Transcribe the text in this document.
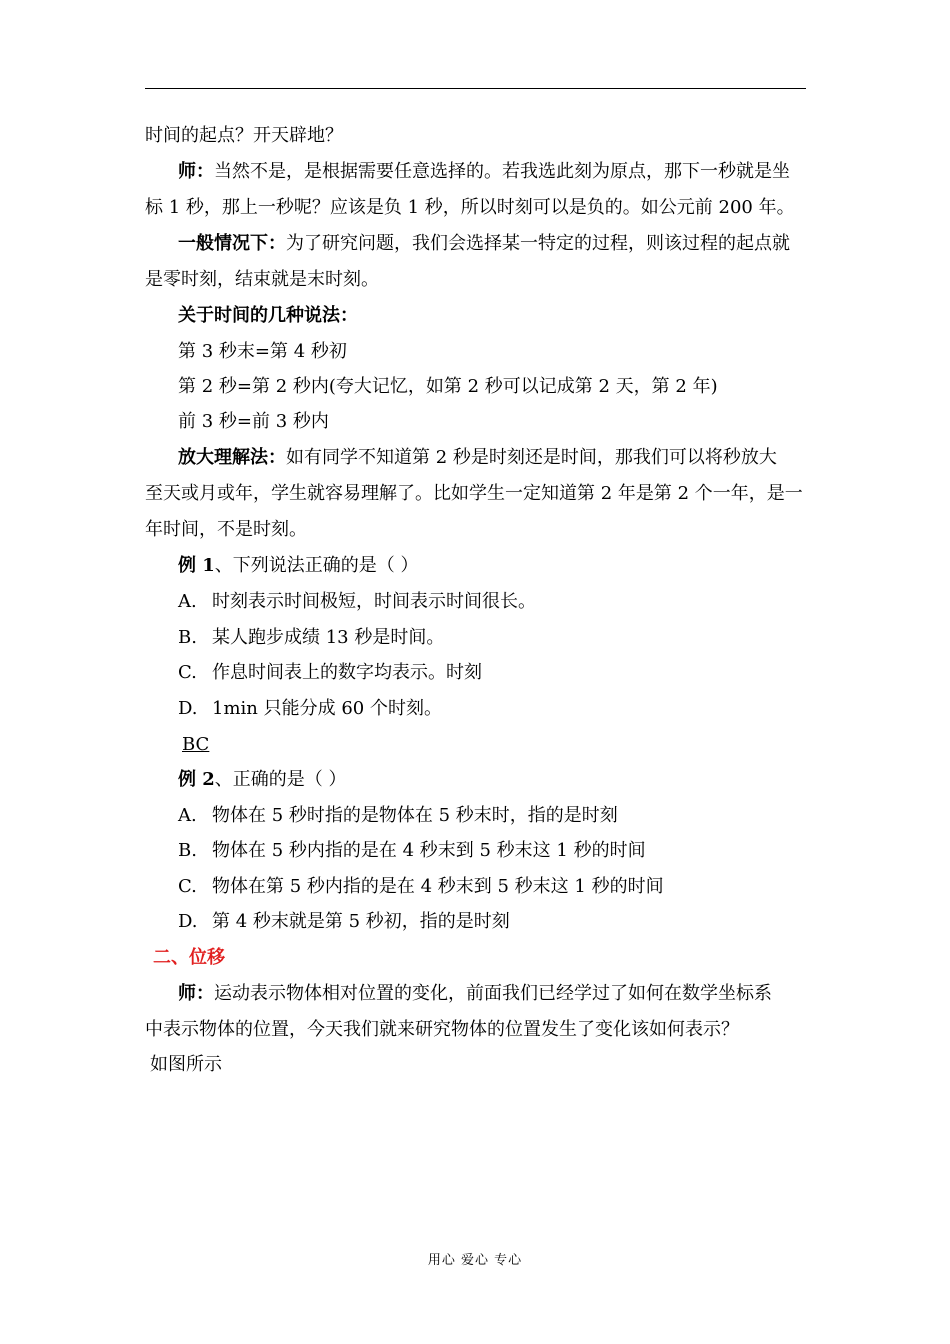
时间的起点？开天辟地？
师：当然不是，是根据需要任意选择的。若我选此刻为原点，那下一秒就是坐
标 1 秒，那上一秒呢？应该是负 1 秒，所以时刻可以是负的。如公元前 200 年。
一般情况下：为了研究问题，我们会选择某一特定的过程，则该过程的起点就
是零时刻，结束就是末时刻。
关于时间的几种说法：
第 3 秒末=第 4 秒初
第 2 秒=第 2 秒内(夸大记忆，如第 2 秒可以记成第 2 天，第 2 年)
前 3 秒=前 3 秒内
放大理解法：如有同学不知道第 2 秒是时刻还是时间，那我们可以将秒放大
至天或月或年，学生就容易理解了。比如学生一定知道第 2 年是第 2 个一年，是一
年时间，不是时刻。
例 1、下列说法正确的是（ ）
A. 时刻表示时间极短，时间表示时间很长。
B. 某人跑步成绩 13 秒是时间。
C. 作息时间表上的数字均表示。时刻
D. 1min 只能分成 60 个时刻。
BC
例 2、正确的是（ ）
A. 物体在 5 秒时指的是物体在 5 秒末时，指的是时刻
B. 物体在 5 秒内指的是在 4 秒末到 5 秒末这 1 秒的时间
C. 物体在第 5 秒内指的是在 4 秒末到 5 秒末这 1 秒的时间
D. 第 4 秒末就是第 5 秒初，指的是时刻
二、位移
师：运动表示物体相对位置的变化，前面我们已经学过了如何在数学坐标系
中表示物体的位置，今天我们就来研究物体的位置发生了变化该如何表示？
如图所示
用心 爱心 专心
